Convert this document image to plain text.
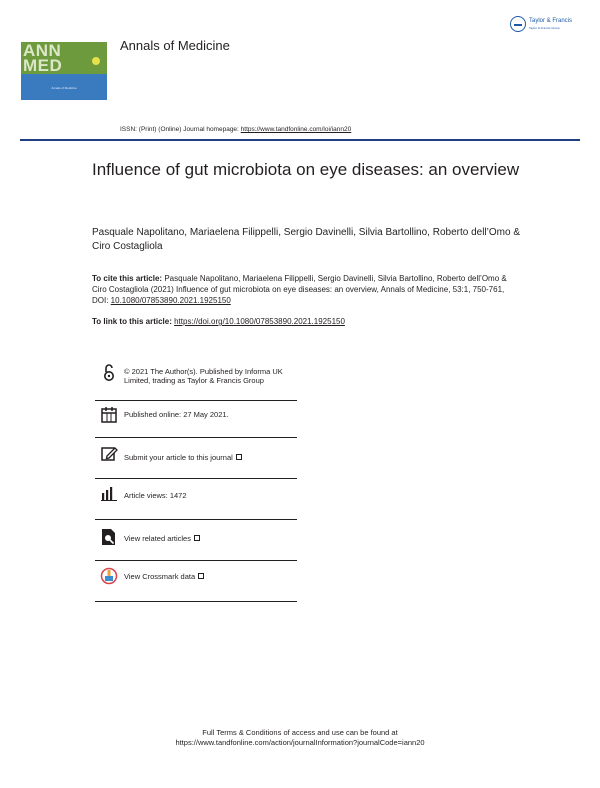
ANN
MED
Annals of Medicine
Annals of Medicine
Taylor & Francis
Taylor & Francis Group
ISSN: (Print) (Online) Journal homepage: https://www.tandfonline.com/loi/iann20
Influence of gut microbiota on eye diseases: an overview
Pasquale Napolitano, Mariaelena Filippelli, Sergio Davinelli, Silvia Bartollino, Roberto dell’Omo & Ciro Costagliola
To cite this article: Pasquale Napolitano, Mariaelena Filippelli, Sergio Davinelli, Silvia Bartollino, Roberto dell’Omo & Ciro Costagliola (2021) Influence of gut microbiota on eye diseases: an overview, Annals of Medicine, 53:1, 750-761, DOI: 10.1080/07853890.2021.1925150
To link to this article: https://doi.org/10.1080/07853890.2021.1925150
© 2021 The Author(s). Published by Informa UK Limited, trading as Taylor & Francis Group
Published online: 27 May 2021.
Submit your article to this journal
Article views: 1472
View related articles
View Crossmark data
Full Terms & Conditions of access and use can be found at
https://www.tandfonline.com/action/journalInformation?journalCode=iann20
